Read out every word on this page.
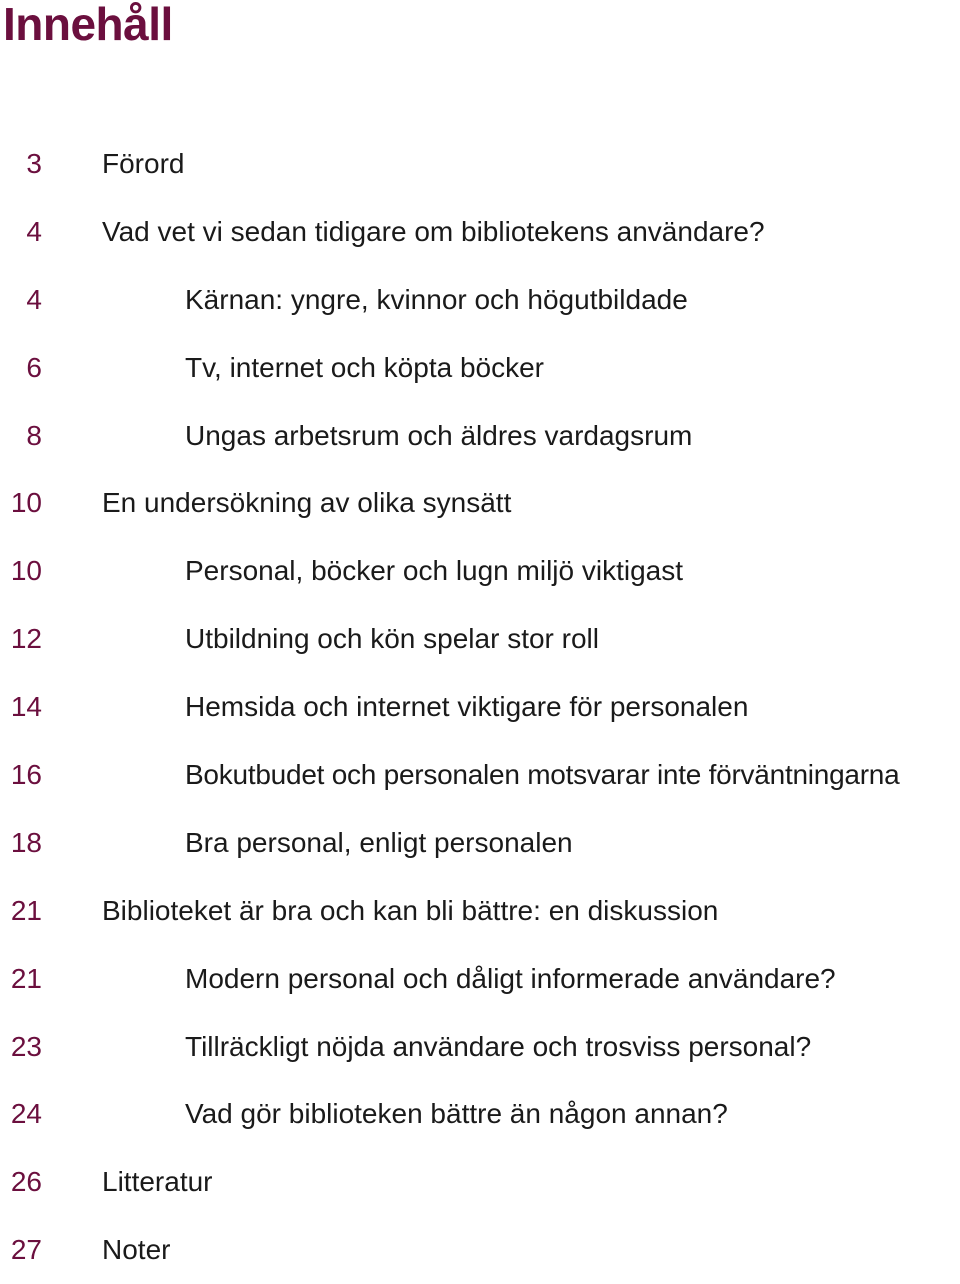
Innehåll
3 Förord
4 Vad vet vi sedan tidigare om bibliotekens användare?
4	Kärnan: yngre, kvinnor och högutbildade
6	Tv, internet och köpta böcker
8	Ungas arbetsrum och äldres vardagsrum
10 En undersökning av olika synsätt
10	Personal, böcker och lugn miljö viktigast
12	Utbildning och kön spelar stor roll
14	Hemsida och internet viktigare för personalen
16	Bokutbudet och personalen motsvarar inte förväntningarna
18	Bra personal, enligt personalen
21 Biblioteket är bra och kan bli bättre: en diskussion
21	Modern personal och dåligt informerade användare?
23	Tillräckligt nöjda användare och trosviss personal?
24	Vad gör biblioteken bättre än någon annan?
26 Litteratur
27 Noter
